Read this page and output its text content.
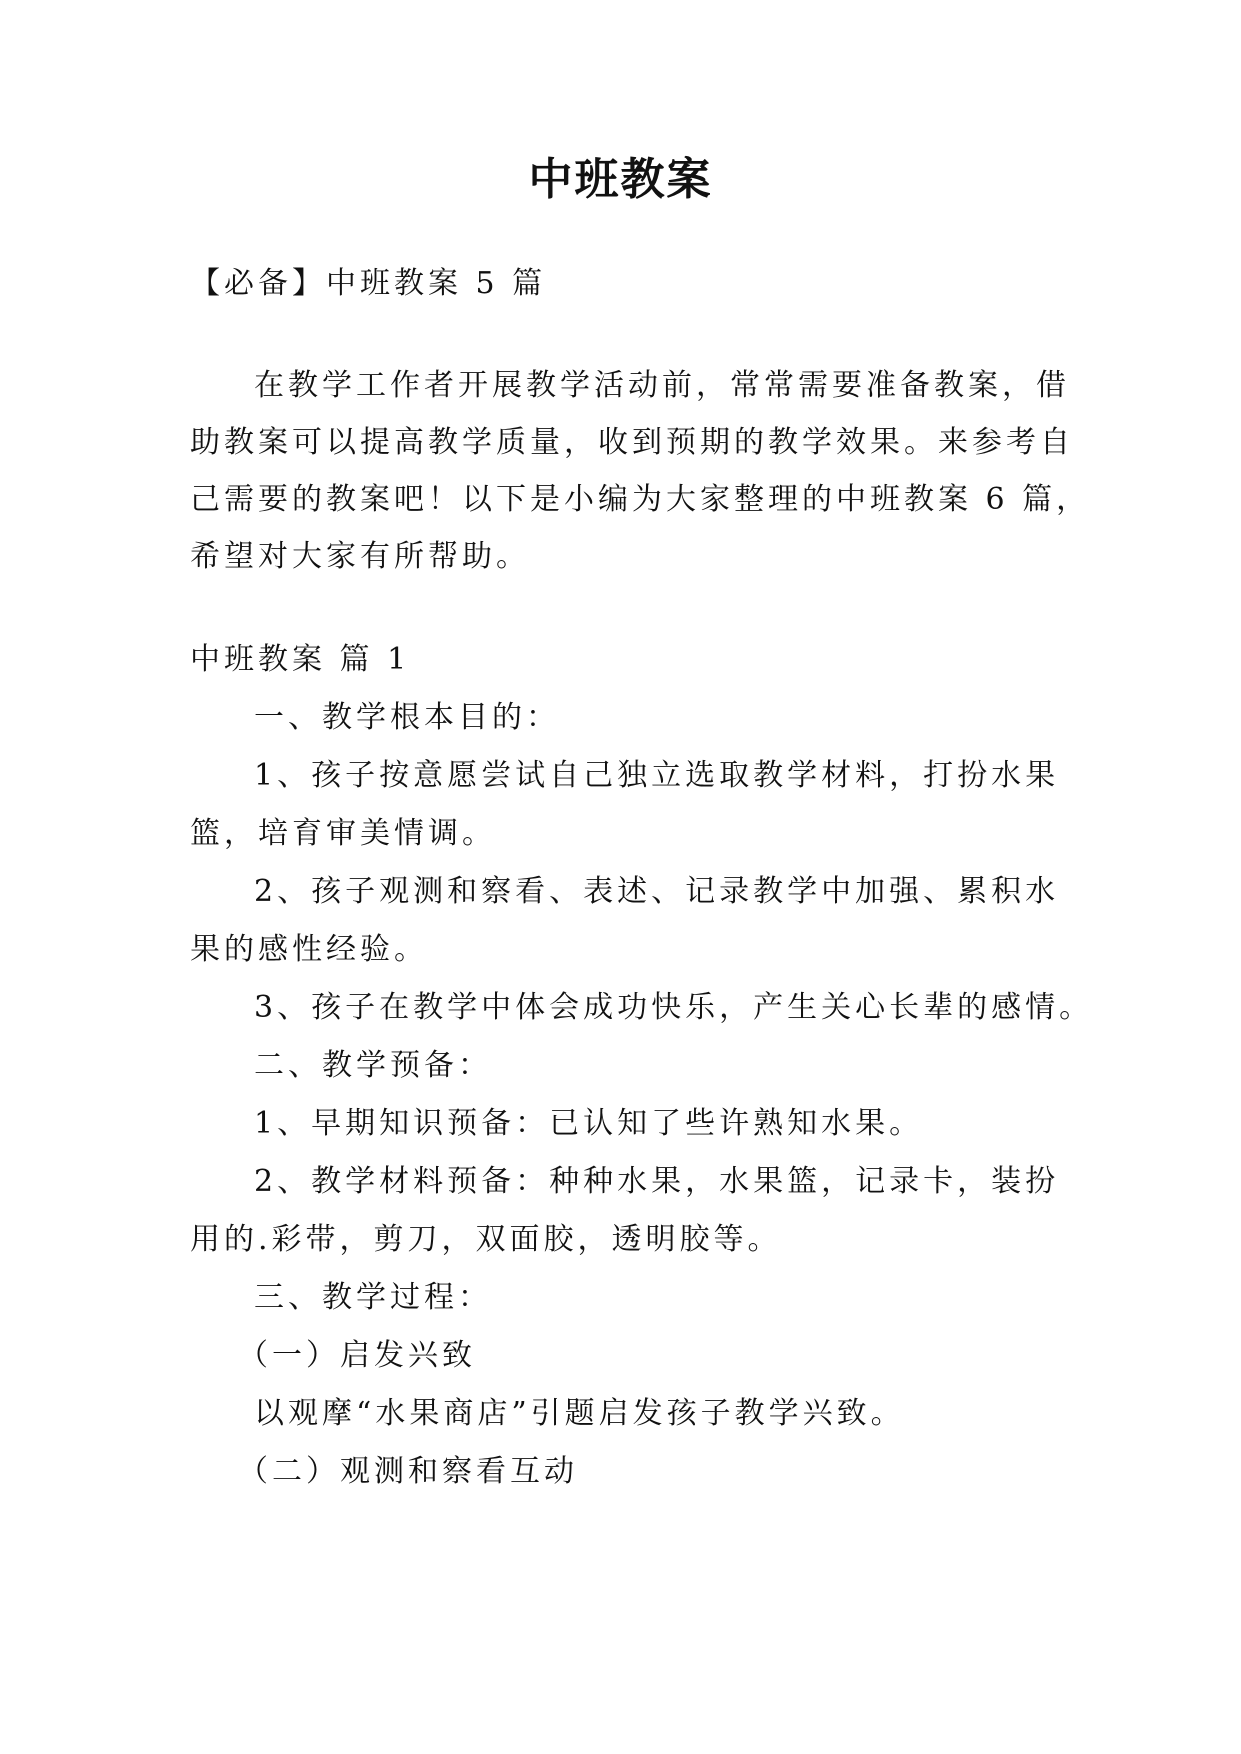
中班教案
【必备】中班教案 5 篇
在教学工作者开展教学活动前，常常需要准备教案，借
助教案可以提高教学质量，收到预期的教学效果。来参考自
己需要的教案吧！以下是小编为大家整理的中班教案 6 篇，
希望对大家有所帮助。
中班教案 篇 1
一、教学根本目的：
1、孩子按意愿尝试自己独立选取教学材料，打扮水果
篮，培育审美情调。
2、孩子观测和察看、表述、记录教学中加强、累积水
果的感性经验。
3、孩子在教学中体会成功快乐，产生关心长辈的感情。
二、教学预备：
1、早期知识预备：已认知了些许熟知水果。
2、教学材料预备：种种水果，水果篮，记录卡，装扮
用的.彩带，剪刀，双面胶，透明胶等。
三、教学过程：
（一）启发兴致
以观摩“水果商店”引题启发孩子教学兴致。
（二）观测和察看互动
